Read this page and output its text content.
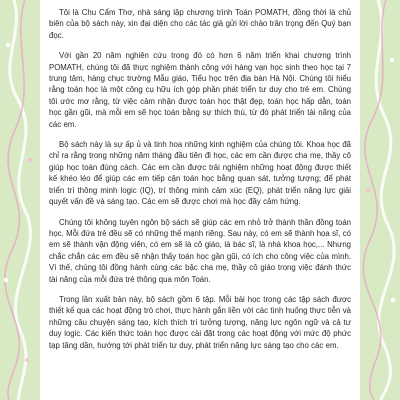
Tôi là Chu Cẩm Thơ, nhà sáng lập chương trình Toán POMATH, đồng thời là chủ biên của bộ sách này, xin đại diện cho các tác giả gửi lời chào trân trọng đến Quý bạn đọc.

Với gần 20 năm nghiên cứu trong đó có hơn 6 năm triển khai chương trình POMATH, chúng tôi đã thực nghiệm thành công với hàng vạn học sinh theo học tại 7 trung tâm, hàng chục trường Mẫu giáo, Tiểu học trên địa bàn Hà Nội. Chúng tôi hiểu rằng toán học là một công cụ hữu ích góp phần phát triển tư duy cho trẻ em. Chúng tôi ước mơ rằng, từ việc cảm nhận được toán học thật đẹp, toán học hấp dẫn, toán học gần gũi, mà mỗi em sẽ học toán bằng sự thích thú, từ đó phát triển tài năng của các em.

Bộ sách này là sự ấp ủ và tinh hoa những kinh nghiệm của chúng tôi. Khoa học đã chỉ ra rằng trong những năm tháng đầu tiên đi học, các em cần được cha mẹ, thầy cô giúp học toán đúng cách. Các em cần được trải nghiệm những hoạt động được thiết kế khéo léo để giúp các em tiếp cận toán học bằng quan sát, tưởng tượng; để phát triển trí thông minh logic (IQ), trí thông minh cảm xúc (EQ), phát triển năng lực giải quyết vấn đề và sáng tạo. Các em sẽ được chơi mà học đầy cảm hứng.

Chúng tôi không tuyên ngôn bộ sách sẽ giúp các em nhỏ trở thành thần đồng toán học. Mỗi đứa trẻ đều sẽ có những thế mạnh riêng. Sau này, có em sẽ thành họa sĩ, có em sẽ thành vận động viên, có em sẽ là cô giáo, là bác sĩ, là nhà khoa học,... Nhưng chắc chắn các em đều sẽ nhận thấy toán học gần gũi, có ích cho công việc của mình. Vì thế, chúng tôi đồng hành cùng các bậc cha mẹ, thầy cô giáo trong việc đánh thức tài năng của mỗi đứa trẻ thông qua môn Toán.

Trong lần xuất bản này, bộ sách gồm 6 tập. Mỗi bài học trong các tập sách được thiết kế qua các hoạt động trò chơi, thực hành gắn liền với các tình huống thực tiễn và những câu chuyện sáng tạo, kích thích trí tưởng tượng, năng lực ngôn ngữ và cả tư duy logic. Các kiến thức toán học được cài đặt trong các hoạt động với mức độ phức tạp tăng dần, hướng tới phát triển tư duy, phát triển năng lực sáng tạo cho các em.
